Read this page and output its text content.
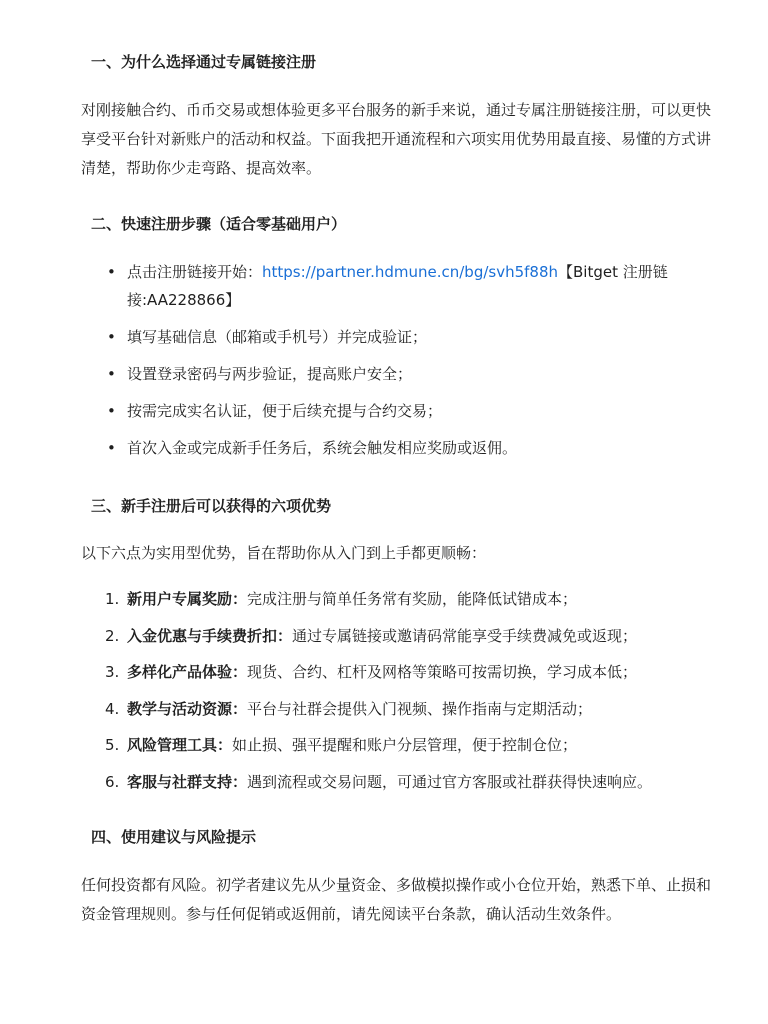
一、为什么选择通过专属链接注册

对刚接触合约、币币交易或想体验更多平台服务的新手来说，通过专属注册链接注册，可以更快享受平台针对新账户的活动和权益。下面我把开通流程和六项实用优势用最直接、易懂的方式讲清楚，帮助你少走弯路、提高效率。

二、快速注册步骤（适合零基础用户）
• 点击注册链接开始：https://partner.hdmune.cn/bg/svh5f88h【Bitget 注册链接:AA228866】
• 填写基础信息（邮箱或手机号）并完成验证；
• 设置登录密码与两步验证，提高账户安全；
• 按需完成实名认证，便于后续充提与合约交易；
• 首次入金或完成新手任务后，系统会触发相应奖励或返佣。
三、新手注册后可以获得的六项优势

以下六点为实用型优势，旨在帮助你从入门到上手都更顺畅：

1. 新用户专属奖励：完成注册与简单任务常有奖励，能降低试错成本；
2. 入金优惠与手续费折扣：通过专属链接或邀请码常能享受手续费减免或返现；
3. 多样化产品体验：现货、合约、杠杆及网格等策略可按需切换，学习成本低；
4. 教学与活动资源：平台与社群会提供入门视频、操作指南与定期活动；
5. 风险管理工具：如止损、强平提醒和账户分层管理，便于控制仓位；
6. 客服与社群支持：遇到流程或交易问题，可通过官方客服或社群获得快速响应。
四、使用建议与风险提示

任何投资都有风险。初学者建议先从少量资金、多做模拟操作或小仓位开始，熟悉下单、止损和资金管理规则。参与任何促销或返佣前，请先阅读平台条款，确认活动生效条件。
